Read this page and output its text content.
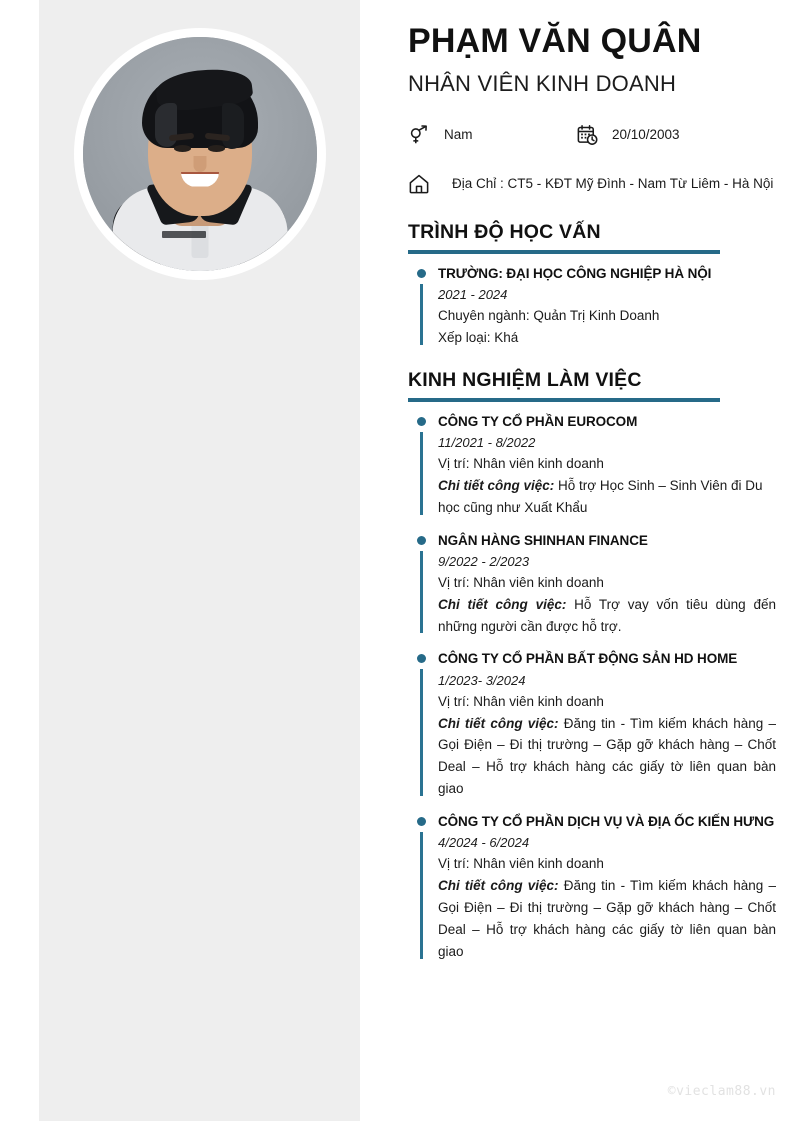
PHẠM VĂN QUÂN
NHÂN VIÊN KINH DOANH
Nam	20/10/2003
Địa Chỉ : CT5 - KĐT Mỹ Đình - Nam Từ Liêm - Hà Nội
TRÌNH ĐỘ HỌC VẤN

TRƯỜNG: ĐẠI HỌC CÔNG NGHIỆP HÀ NỘI

2021 - 2024

Chuyên ngành: Quản Trị Kinh Doanh

Xếp loại: Khá

KINH NGHIỆM LÀM VIỆC

CÔNG TY CỔ PHẦN EUROCOM

11/2021 - 8/2022

Vị trí: Nhân viên kinh doanh

Chi tiết công việc: Hỗ trợ Học Sinh – Sinh Viên đi Du học cũng như Xuất Khẩu

NGÂN HÀNG SHINHAN FINANCE

9/2022 - 2/2023

Vị trí: Nhân viên kinh doanh

Chi tiết công việc: Hỗ Trợ vay vốn tiêu dùng đến những người cần được hỗ trợ.

CÔNG TY CỔ PHẦN BẤT ĐỘNG SẢN HD HOME

1/2023- 3/2024

Vị trí: Nhân viên kinh doanh

Chi tiết công việc: Đăng tin - Tìm kiếm khách hàng – Gọi Điện – Đi thị trường – Gặp gỡ khách hàng – Chốt Deal – Hỗ trợ khách hàng các giấy tờ liên quan bàn giao

CÔNG TY CỔ PHẦN DỊCH VỤ VÀ ĐỊA ỐC KIẾN HƯNG

4/2024 - 6/2024

Vị trí: Nhân viên kinh doanh

Chi tiết công việc: Đăng tin - Tìm kiếm khách hàng – Gọi Điện – Đi thị trường – Gặp gỡ khách hàng – Chốt Deal – Hỗ trợ khách hàng các giấy tờ liên quan bàn giao

©vieclam88.vn
